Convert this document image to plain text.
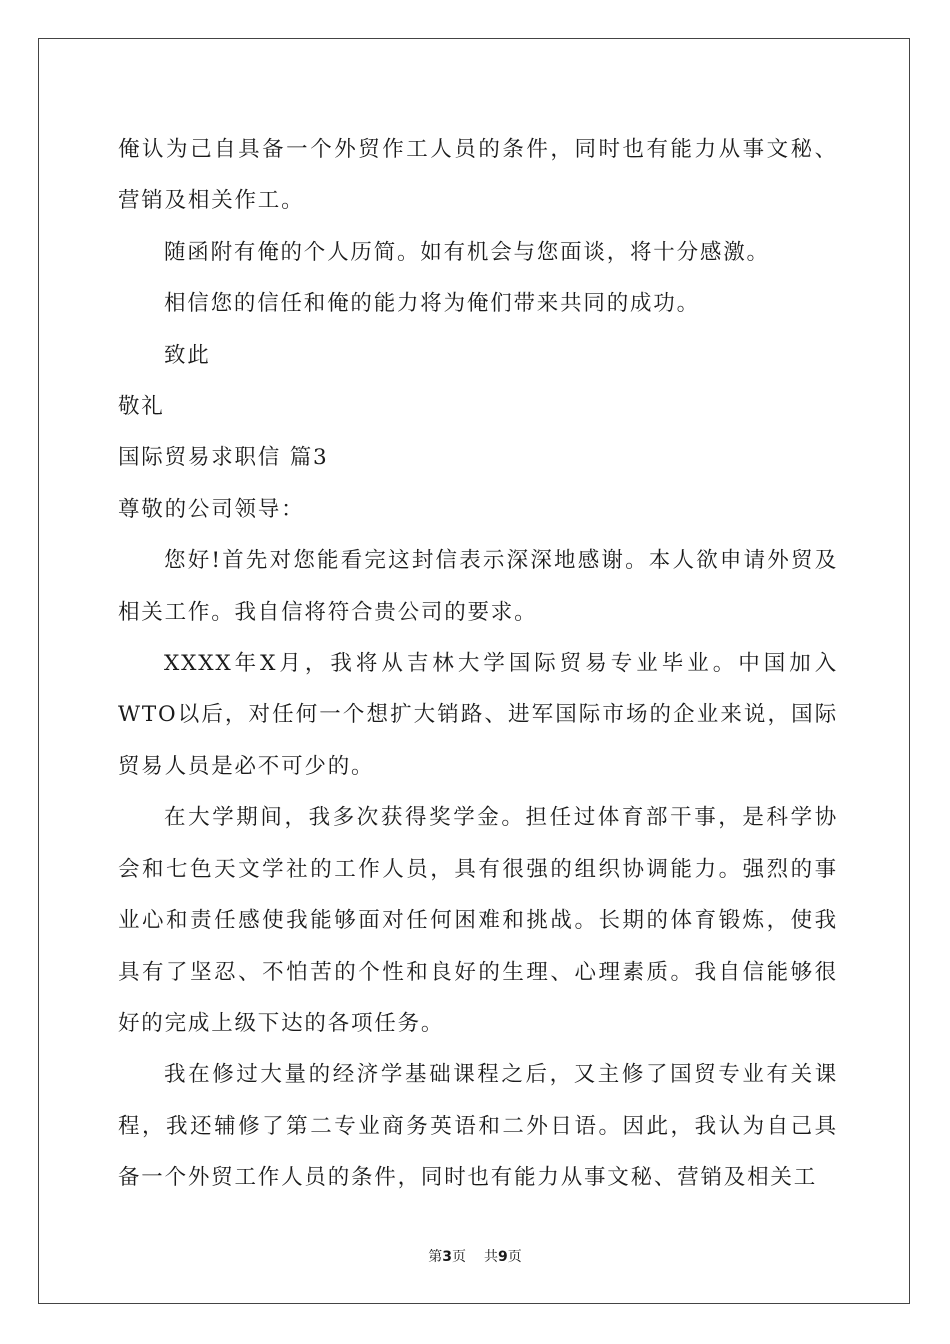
俺认为己自具备一个外贸作工人员的条件，同时也有能力从事文秘、营销及相关作工。

随函附有俺的个人历简。如有机会与您面谈，将十分感激。

相信您的信任和俺的能力将为俺们带来共同的成功。

致此

敬礼

国际贸易求职信 篇3

尊敬的公司领导：

您好!首先对您能看完这封信表示深深地感谢。本人欲申请外贸及相关工作。我自信将符合贵公司的要求。

XXXX年X月，我将从吉林大学国际贸易专业毕业。中国加入WTO以后，对任何一个想扩大销路、进军国际市场的企业来说，国际贸易人员是必不可少的。

在大学期间，我多次获得奖学金。担任过体育部干事，是科学协会和七色天文学社的工作人员，具有很强的组织协调能力。强烈的事业心和责任感使我能够面对任何困难和挑战。长期的体育锻炼，使我具有了坚忍、不怕苦的个性和良好的生理、心理素质。我自信能够很好的完成上级下达的各项任务。

我在修过大量的经济学基础课程之后，又主修了国贸专业有关课程，我还辅修了第二专业商务英语和二外日语。因此，我认为自己具备一个外贸工作人员的条件，同时也有能力从事文秘、营销及相关工

第3页 共9页
